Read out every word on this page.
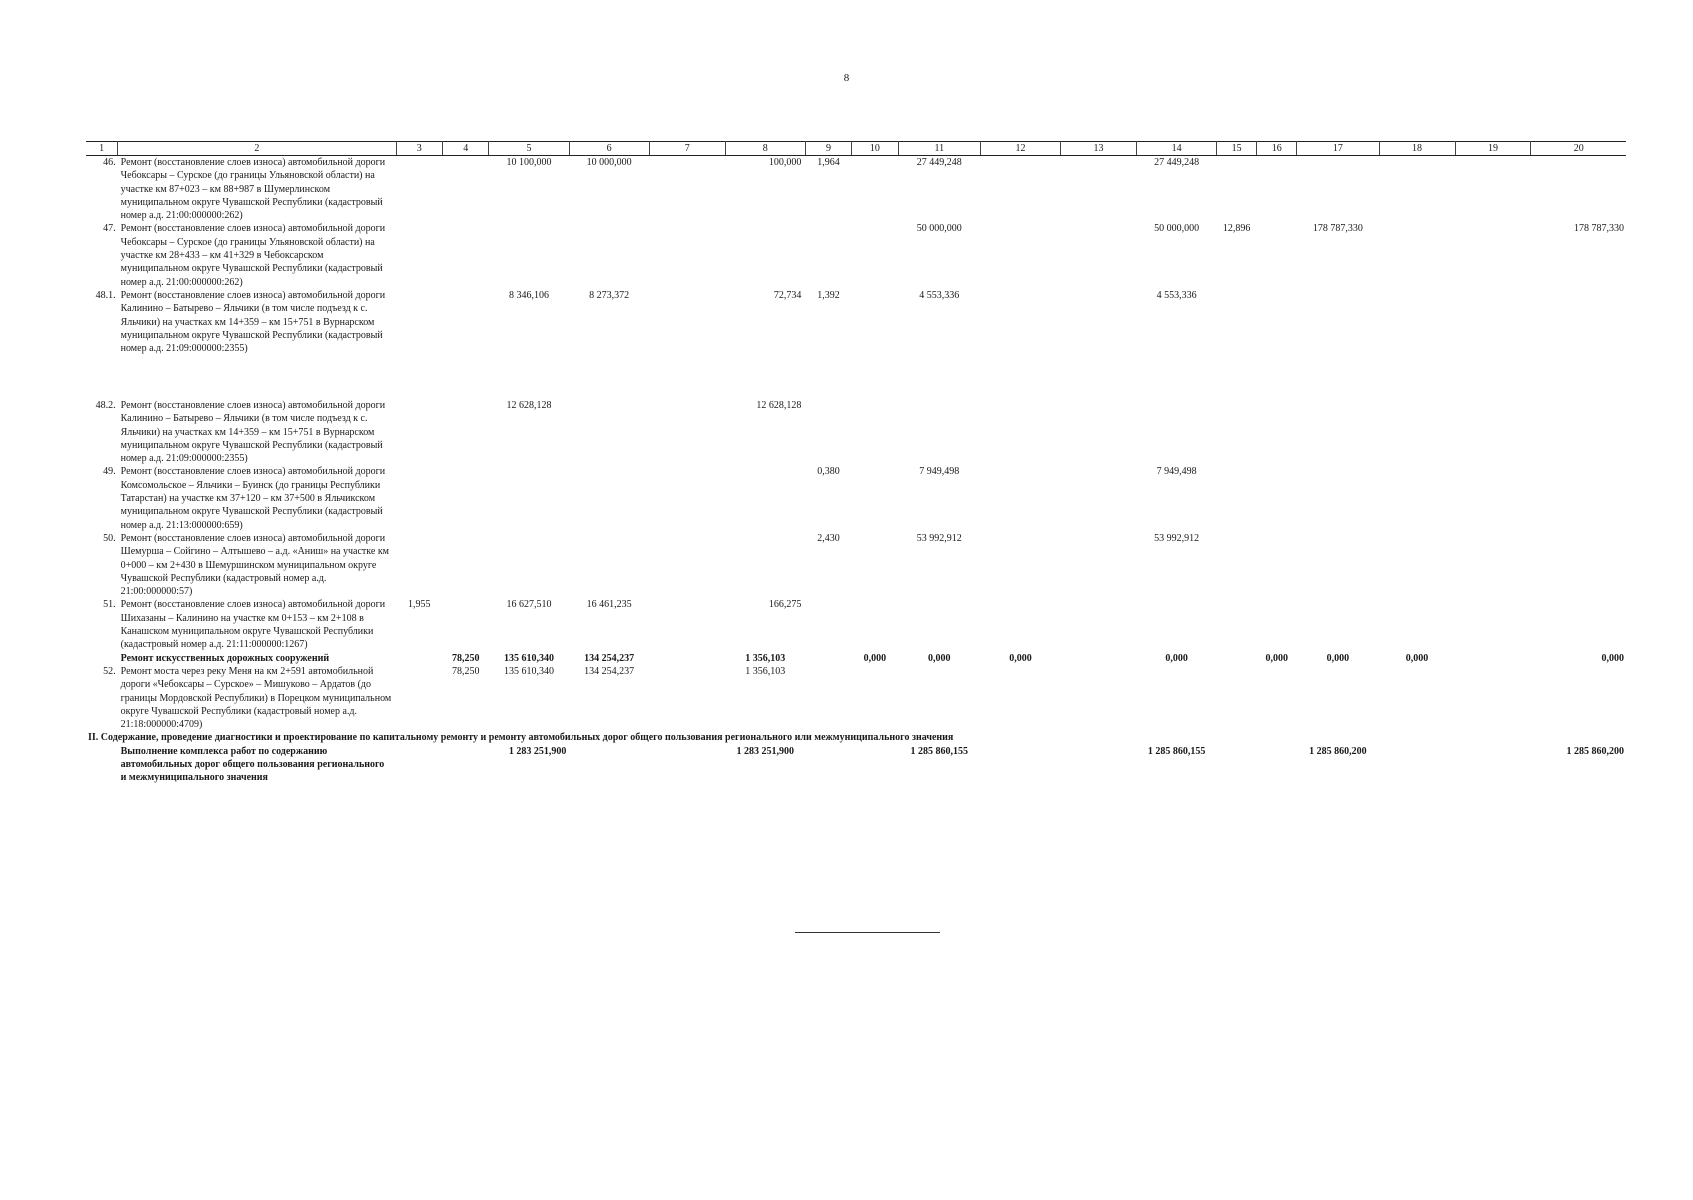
8
1	2	3	4	5	6	7	8	9	10	11	12	13	14	15	16	17	18	19	20
46.	Ремонт (восстановление слоев износа) автомобильной дороги Чебоксары – Сурское (до границы Ульяновской области) на участке км 87+023 – км 88+987 в Шумерлинском муниципальном округе Чувашской Республики (кадастровый номер а.д. 21:00:000000:262)			10 100,000	10 000,000		100,000	1,964		27 449,248			27 449,248						
47.	Ремонт (восстановление слоев износа) автомобильной дороги Чебоксары – Сурское (до границы Ульяновской области) на участке км 28+433 – км 41+329 в Чебоксарском муниципальном округе Чувашской Республики (кадастровый номер а.д. 21:00:000000:262)									50 000,000			50 000,000	12,896		178 787,330			178 787,330
48.1.	Ремонт (восстановление слоев износа) автомобильной дороги Калинино – Батырево – Яльчики (в том числе подъезд к с. Яльчики) на участках км 14+359 – км 15+751 в Вурнарском муниципальном округе Чувашской Республики (кадастровый номер а.д. 21:09:000000:2355)			8 346,106	8 273,372		72,734	1,392		4 553,336			4 553,336						
48.2.	Ремонт (восстановление слоев износа) автомобильной дороги Калинино – Батырево – Яльчики (в том числе подъезд к с. Яльчики) на участках км 14+359 – км 15+751 в Вурнарском муниципальном округе Чувашской Республики (кадастровый номер а.д. 21:09:000000:2355)			12 628,128			12 628,128												
49.	Ремонт (восстановление слоев износа) автомобильной дороги Комсомольское – Яльчики – Буинск (до границы Республики Татарстан) на участке км 37+120 – км 37+500 в Яльчикском муниципальном округе Чувашской Республики (кадастровый номер а.д. 21:13:000000:659)							0,380		7 949,498			7 949,498						
50.	Ремонт (восстановление слоев износа) автомобильной дороги Шемурша – Сойгино – Алтышево – а.д. «Аниш» на участке км 0+000 – км 2+430 в Шемуршинском муниципальном округе Чувашской Республики (кадастровый номер а.д. 21:00:000000:57)							2,430		53 992,912			53 992,912						
51.	Ремонт (восстановление слоев износа) автомобильной дороги Шихазаны – Калинино на участке км 0+153 – км 2+108 в Канашском муниципальном округе Чувашской Республики (кадастровый номер а.д. 21:11:000000:1267)	1,955		16 627,510	16 461,235		166,275												
	Ремонт искусственных дорожных сооружений		78,250	135 610,340	134 254,237		1 356,103		0,000	0,000	0,000		0,000		0,000	0,000	0,000		0,000
52.	Ремонт моста через реку Меня на км 2+591 автомобильной дороги «Чебоксары – Сурское» – Мишуково – Ардатов (до границы Мордовской Республики) в Порецком муниципальном округе Чувашской Республики (кадастровый номер а.д. 21:18:000000:4709)		78,250	135 610,340	134 254,237		1 356,103												
II. Содержание, проведение диагностики и проектирование по капитальному ремонту и ремонту автомобильных дорог общего пользования регионального или межмуниципального значения																			
	Выполнение комплекса работ по содержанию автомобильных дорог общего пользования регионального и межмуниципального значения			1 283 251,900			1 283 251,900			1 285 860,155			1 285 860,155			1 285 860,200			1 285 860,200
